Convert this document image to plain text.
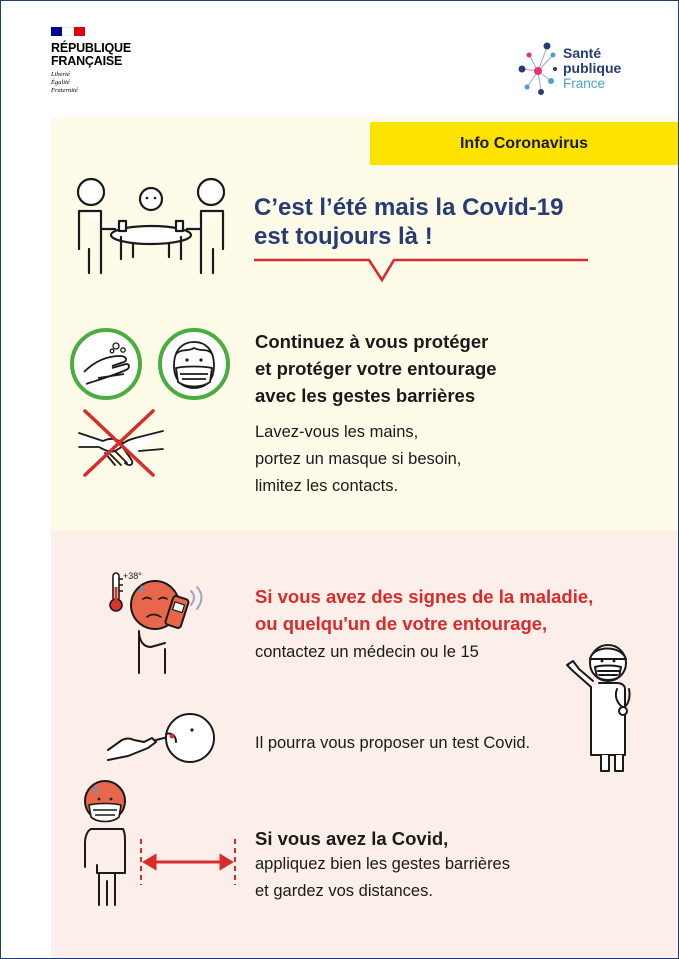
RÉPUBLIQUE
FRANÇAISE
Liberté
Égalité
Fraternité
Santé
publique
France
Info Coronavirus
C’est l’été mais la Covid-19
est toujours là !
Continuez à vous protéger
et protéger votre entourage
avec les gestes barrières
Lavez-vous les mains,
portez un masque si besoin,
limitez les contacts.
+38°
Si vous avez des signes de la maladie,
ou quelqu'un de votre entourage,
contactez un médecin ou le 15
Il pourra vous proposer un test Covid.
Si vous avez la Covid,
appliquez bien les gestes barrières
et gardez vos distances.
